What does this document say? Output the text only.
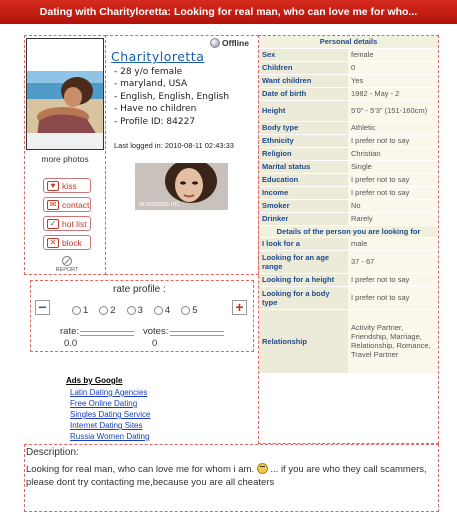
Dating with Charityloretta: Looking for real man, who can love me for who...
more photos
♥ kiss
✉ contact
✓ hot list
✕ block
REPORT
Charityloretta
Offline
- 28 y/o female
- maryland, USA
- English, English, English
- Have no children
- Profile ID: 84227
Last logged in: 2010-08-11 02:43:33
anastasia int.
Personal details	
Sex	female
Children	0
Want children	Yes
Date of birth	1982 - May - 2
Height	5'0" - 5'3" (151-160cm)
Body type	Athletic
Ethnicity	I prefer not to say
Religion	Christian
Marital status	Single
Education	I prefer not to say
Income	I prefer not to say
Smoker	No
Drinker	Rarely
Details of the person you are looking for	
I look for a	male
Looking for an age range	37 - 67
Looking for a height	I prefer not to say
Looking for a body type	I prefer not to say
Relationship	Activity Partner, Friendship, Marriage, Relationship, Romance, Travel Partner
rate profile :
−	+
1 2 3 4 5
rate:
0.0
votes:
0
Ads by Google
Latin Dating Agencies
Free Online Dating
Singles Dating Service
Internet Dating Sites
Russia Women Dating
Description:
Looking for real man, who can love me for whom i am.  ... if you are who they call scammers, please dont try contacting me,because you are all cheaters
